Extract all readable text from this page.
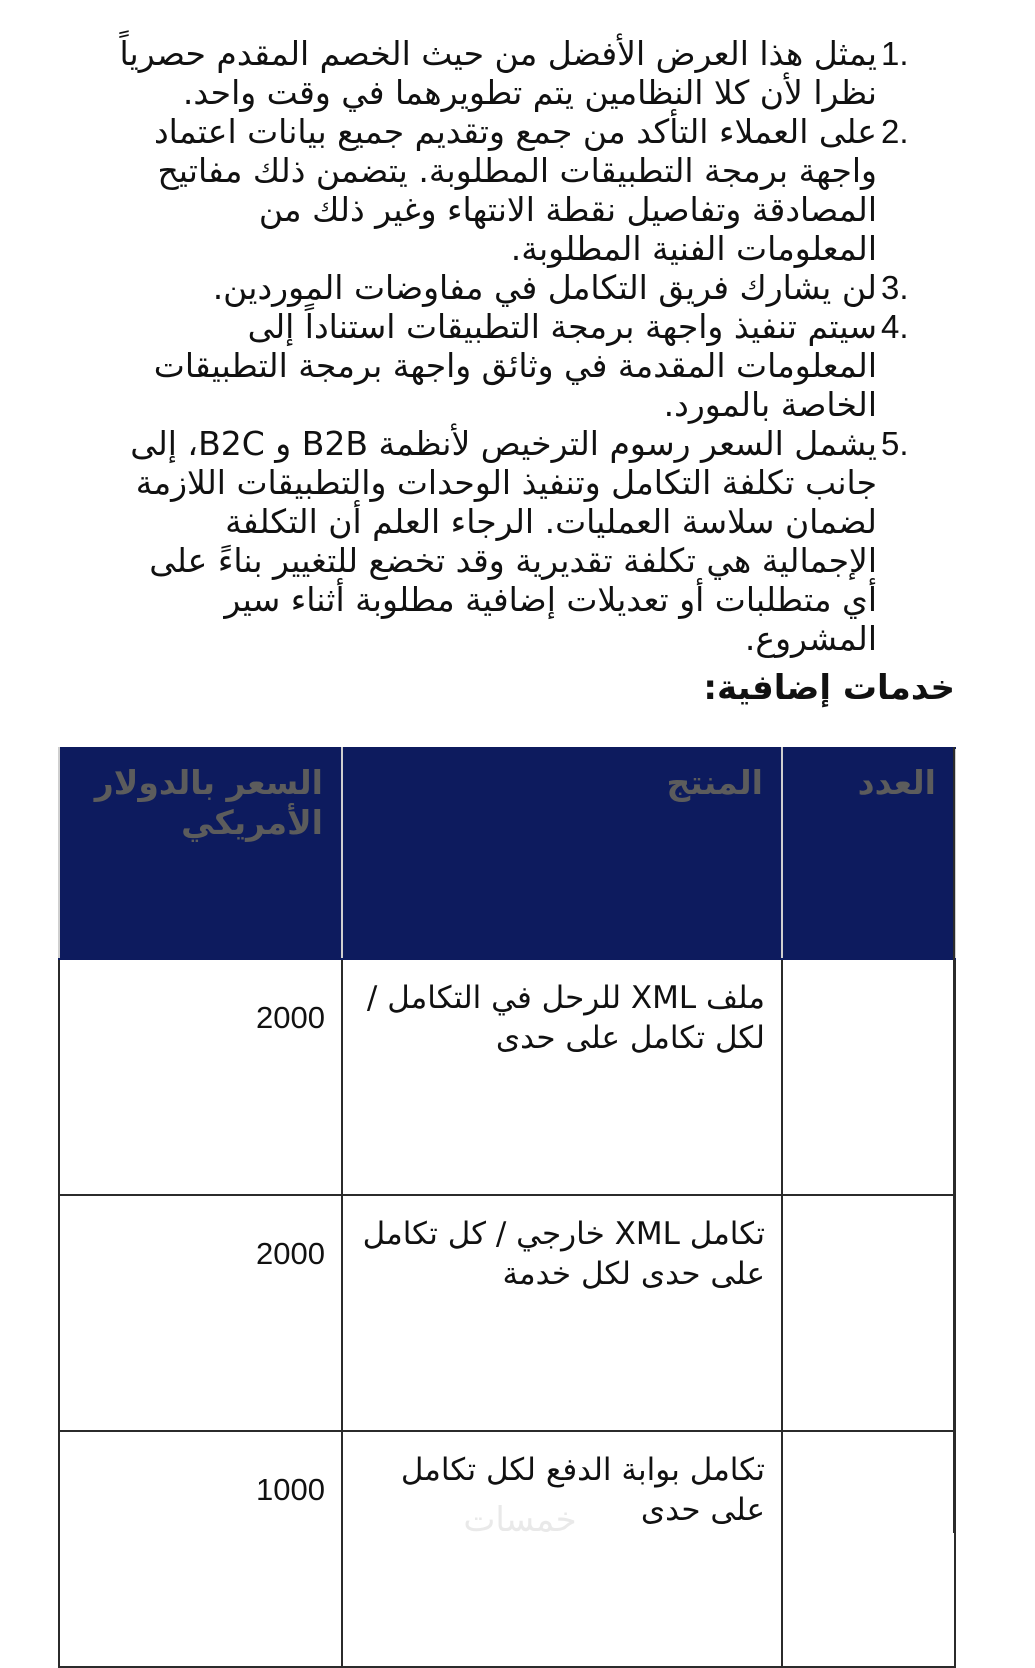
1.
يمثل هذا العرض الأفضل من حيث الخصم المقدم حصرياً نظرا لأن كلا النظامين يتم تطويرهما في وقت واحد.
2.
على العملاء التأكد من جمع وتقديم جميع بيانات اعتماد واجهة برمجة التطبيقات المطلوبة. يتضمن ذلك مفاتيح المصادقة وتفاصيل نقطة الانتهاء وغير ذلك من المعلومات الفنية المطلوبة.
3.
لن يشارك فريق التكامل في مفاوضات الموردين.
4.
سيتم تنفيذ واجهة برمجة التطبيقات استناداً إلى المعلومات المقدمة في وثائق واجهة برمجة التطبيقات الخاصة بالمورد.
5.
يشمل السعر رسوم الترخيص لأنظمة B2B و B2C، إلى جانب تكلفة التكامل وتنفيذ الوحدات والتطبيقات اللازمة لضمان سلاسة العمليات. الرجاء العلم أن التكلفة الإجمالية هي تكلفة تقديرية وقد تخضع للتغيير بناءً على أي متطلبات أو تعديلات إضافية مطلوبة أثناء سير المشروع.
خدمات إضافية:
العدد	المنتج	السعر بالدولار الأمريكي
	ملف XML للرحل في التكامل / لكل تكامل على حدى	2000
	تكامل XML خارجي / كل تكامل على حدى لكل خدمة	2000
	تكامل بوابة الدفع لكل تكامل على حدى	1000
خمسات
